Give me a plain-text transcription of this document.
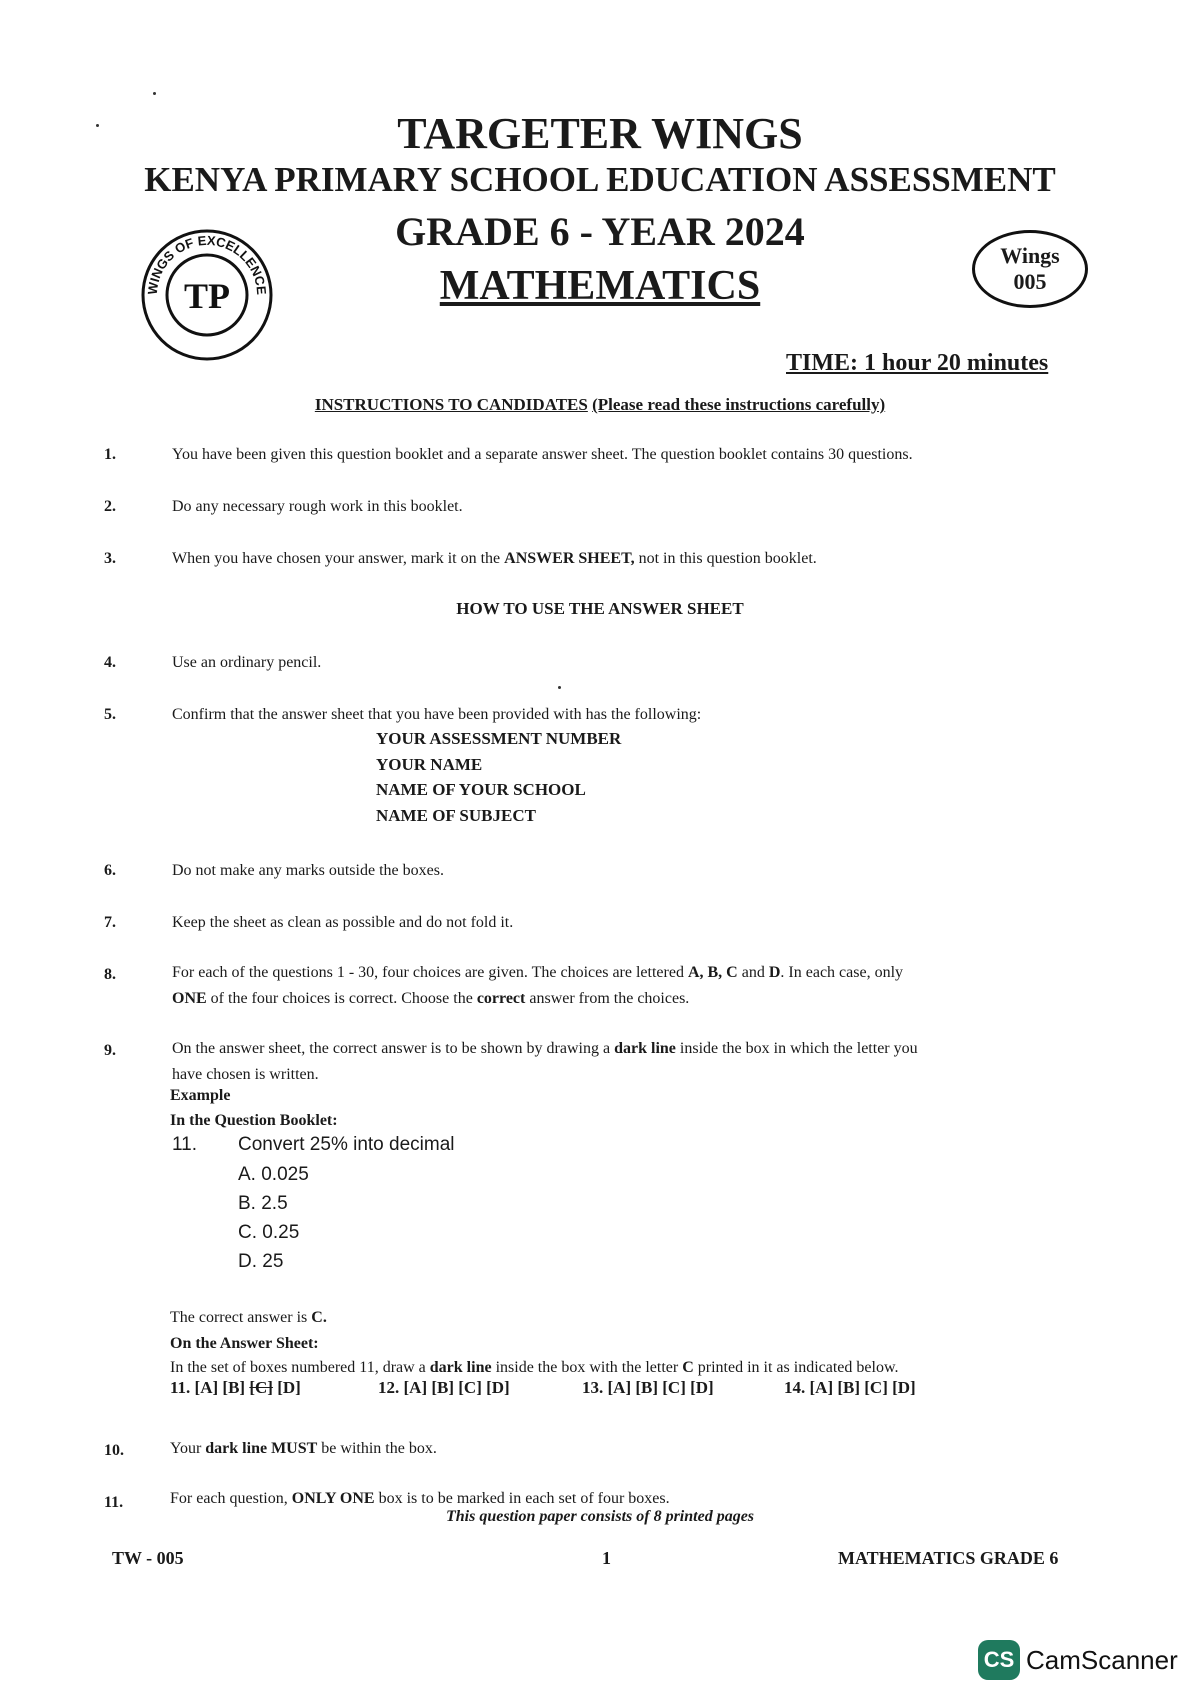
TARGETER WINGS
KENYA PRIMARY SCHOOL EDUCATION ASSESSMENT
GRADE 6 - YEAR 2024
MATHEMATICS
WINGS OF EXCELLENCE
TP
Wings
005
TIME: 1 hour 20 minutes
INSTRUCTIONS TO CANDIDATES (Please read these instructions carefully)
1.	You have been given this question booklet and a separate answer sheet. The question booklet contains 30 questions.
2.	Do any necessary rough work in this booklet.
3.	When you have chosen your answer, mark it on the ANSWER SHEET, not in this question booklet.
HOW TO USE THE ANSWER SHEET
4.	Use an ordinary pencil.
5.	Confirm that the answer sheet that you have been provided with has the following:
YOUR ASSESSMENT NUMBER
YOUR NAME
NAME OF YOUR SCHOOL
NAME OF SUBJECT
6.	Do not make any marks outside the boxes.
7.	Keep the sheet as clean as possible and do not fold it.
8.	For each of the questions 1 - 30, four choices are given. The choices are lettered A, B, C and D. In each case, only
ONE of the four choices is correct. Choose the correct answer from the choices.
9.	On the answer sheet, the correct answer is to be shown by drawing a dark line inside the box in which the letter you
have chosen is written.
Example
In the Question Booklet:
11. Convert 25% into decimal
A. 0.025
B. 2.5
C. 0.25
D. 25
The correct answer is C.
On the Answer Sheet:
In the set of boxes numbered 11, draw a dark line inside the box with the letter C printed in it as indicated below.
11. [A] [B] [C] [D]	12. [A] [B] [C] [D]	13. [A] [B] [C] [D]	14. [A] [B] [C] [D]
10.	Your dark line MUST be within the box.
11.	For each question, ONLY ONE box is to be marked in each set of four boxes.
This question paper consists of 8 printed pages
TW - 005	1	MATHEMATICS GRADE 6
CS CamScanner
